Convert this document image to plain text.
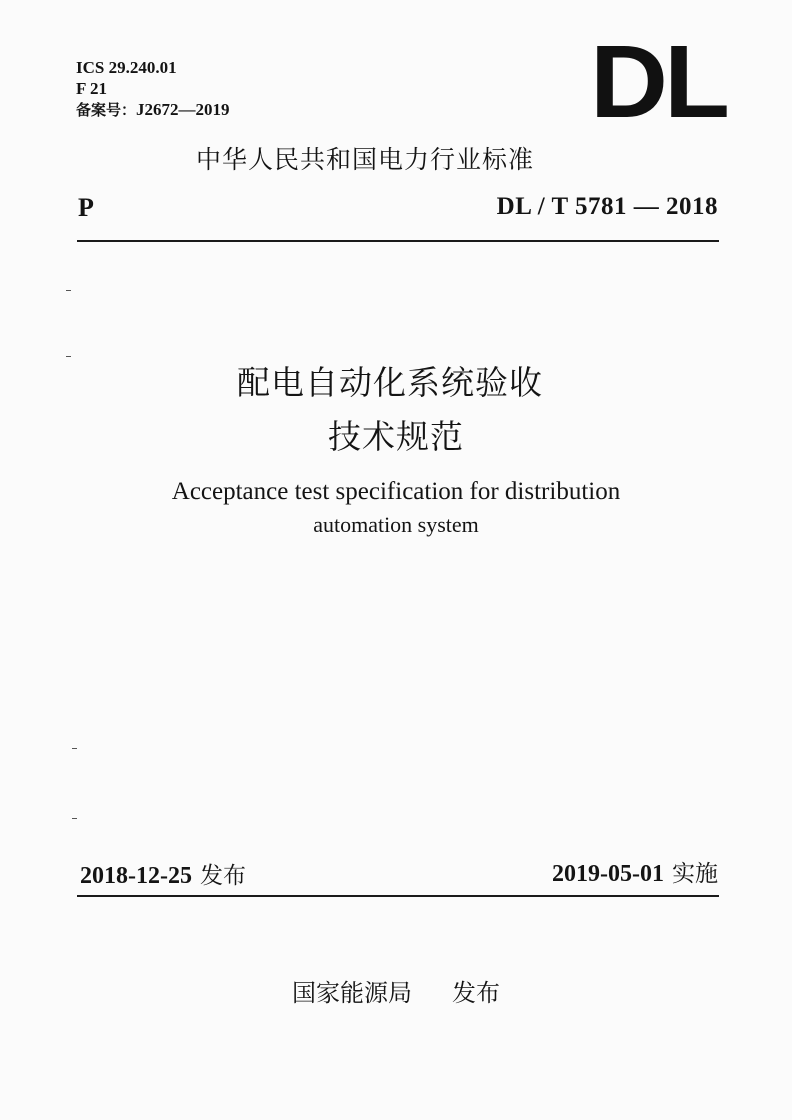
ICS 29.240.01
F 21
备案号：J2672—2019	DL
中华人民共和国电力行业标准
P	DL / T 5781 — 2018
配电自动化系统验收
技术规范
Acceptance test specification for distribution
automation system
2018-12-25 发布	2019-05-01 实施
国家能源局 发布
